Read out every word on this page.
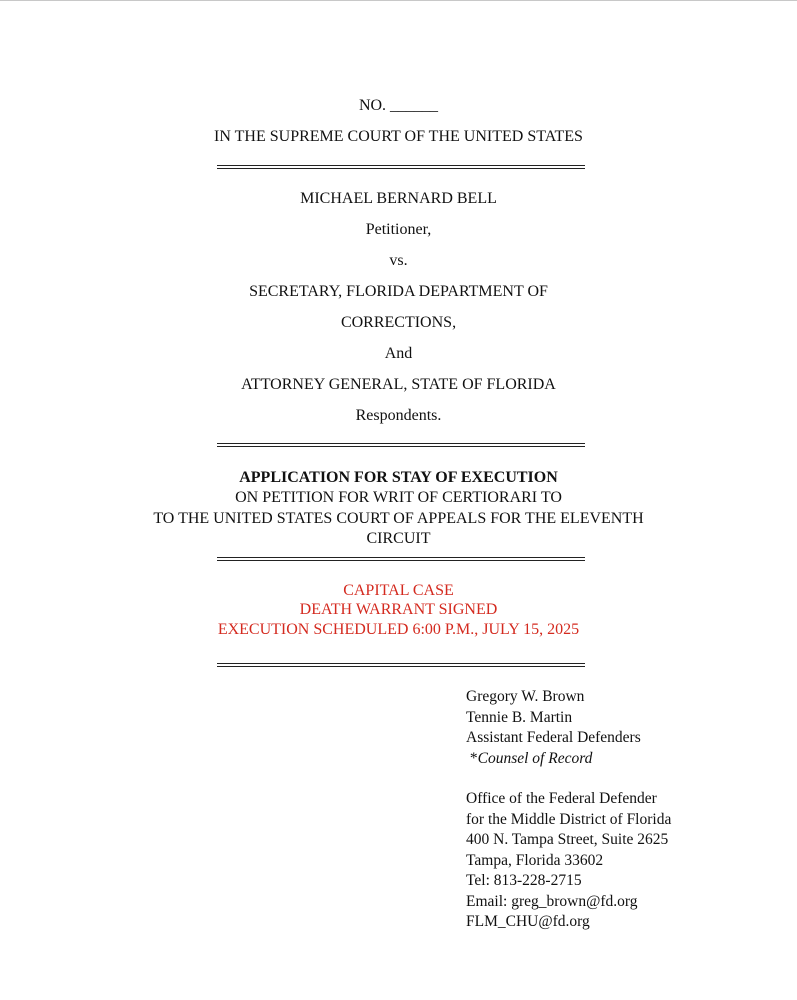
NO. ______
IN THE SUPREME COURT OF THE UNITED STATES
MICHAEL BERNARD BELL
Petitioner,
vs.
SECRETARY, FLORIDA DEPARTMENT OF
CORRECTIONS,
And
ATTORNEY GENERAL, STATE OF FLORIDA
Respondents.
APPLICATION FOR STAY OF EXECUTION
ON PETITION FOR WRIT OF CERTIORARI TO
TO THE UNITED STATES COURT OF APPEALS FOR THE ELEVENTH
CIRCUIT
CAPITAL CASE
DEATH WARRANT SIGNED
EXECUTION SCHEDULED 6:00 P.M., JULY 15, 2025
Gregory W. Brown
Tennie B. Martin
Assistant Federal Defenders
*Counsel of Record
Office of the Federal Defender
for the Middle District of Florida
400 N. Tampa Street, Suite 2625
Tampa, Florida 33602
Tel: 813-228-2715
Email: greg_brown@fd.org
FLM_CHU@fd.org
